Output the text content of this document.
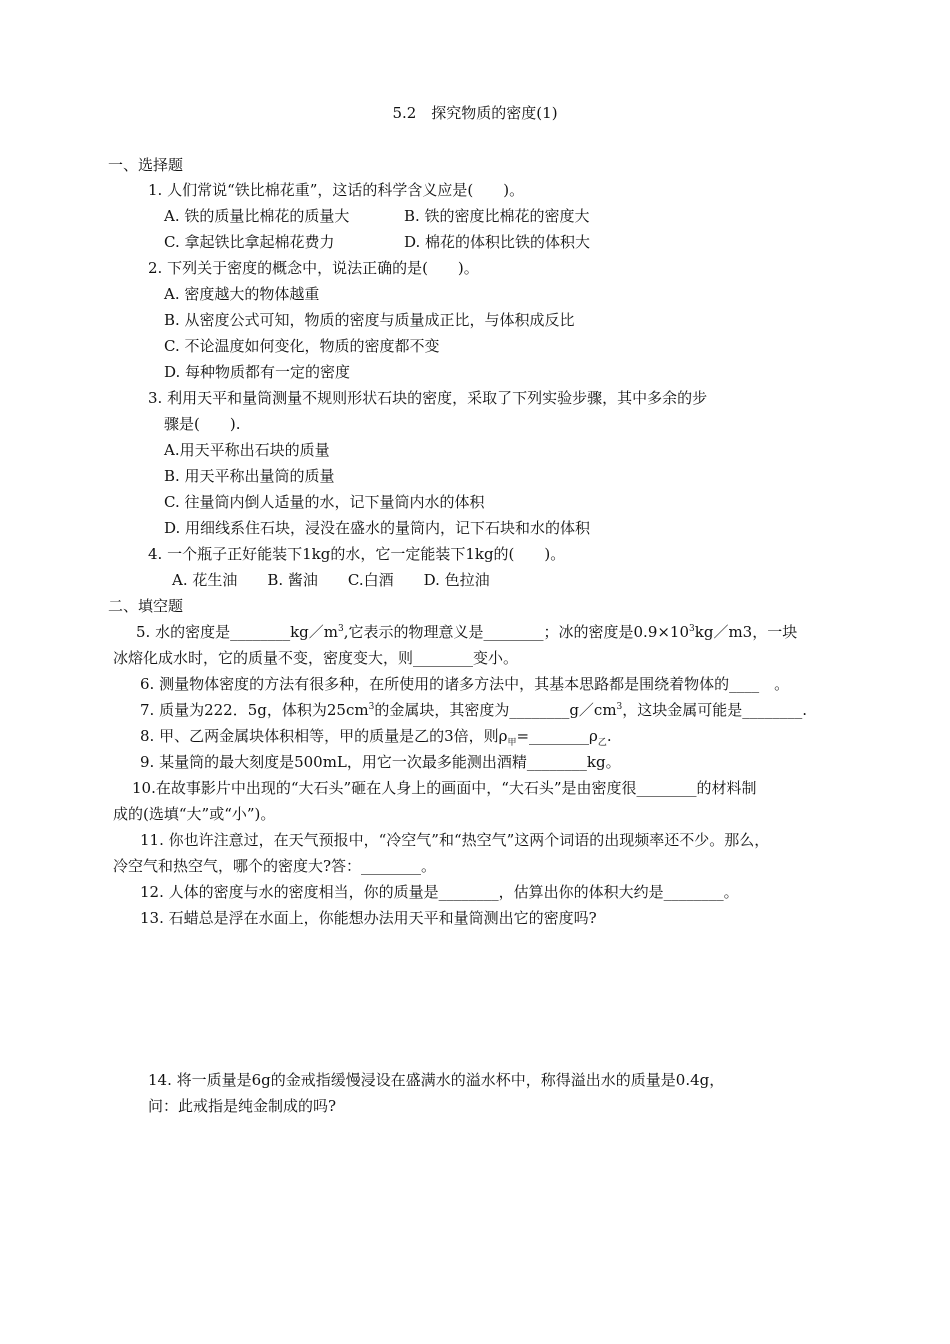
5.2　探究物质的密度(1)
一、选择题
1. 人们常说“铁比棉花重”，这话的科学含义应是(　　)。
A. 铁的质量比棉花的质量大	B. 铁的密度比棉花的密度大
C. 拿起铁比拿起棉花费力	D. 棉花的体积比铁的体积大
2. 下列关于密度的概念中，说法正确的是(　　)。
A. 密度越大的物体越重
B. 从密度公式可知，物质的密度与质量成正比，与体积成反比
C. 不论温度如何变化，物质的密度都不变
D. 每种物质都有一定的密度
3. 利用天平和量筒测量不规则形状石块的密度，采取了下列实验步骤，其中多余的步
骤是(　　).
A.用天平称出石块的质量
B. 用天平称出量筒的质量
C. 往量筒内倒人适量的水，记下量筒内水的体积
D. 用细线系住石块，浸没在盛水的量筒内，记下石块和水的体积
4. 一个瓶子正好能装下1kg的水，它一定能装下1kg的(　　)。
A. 花生油　　B. 酱油　　C.白酒　　D. 色拉油
二、填空题
5. 水的密度是$\_\_\_\_\_\_\_\_kg/m^3$,它表示的物理意义是________；冰的密度是$0.9\times 10^3kg/m3$，一块
冰熔化成水时，它的质量不变，密度变大，则________变小。
6. 测量物体密度的方法有很多种，在所使用的诸多方法中，其基本思路都是围绕着物体的____　。
7. 质量为222．5g，体积为$25cm^3$的金属块，其密度为$\_\_\_\_\_\_\_\_g/cm^3$，这块金属可能是________.
8. 甲、乙两金属块体积相等，甲的质量是乙的3倍，则$\rho_甲=\_\_\_\_\_\_\_\_\rho_乙$.
9. 某量筒的最大刻度是500mL，用它一次最多能测出酒精________kg。
10.在故事影片中出现的“大石头”砸在人身上的画面中，“大石头”是由密度很________的材料制
成的(选填“大”或“小”)。
11. 你也许注意过，在天气预报中，“冷空气”和“热空气”这两个词语的出现频率还不少。那么，
冷空气和热空气，哪个的密度大?答：________。
12. 人体的密度与水的密度相当，你的质量是________，估算出你的体积大约是________。
13. 石蜡总是浮在水面上，你能想办法用天平和量筒测出它的密度吗?
14. 将一质量是6g的金戒指缓慢浸设在盛满水的溢水杯中，称得溢出水的质量是0.4g，
问：此戒指是纯金制成的吗?
